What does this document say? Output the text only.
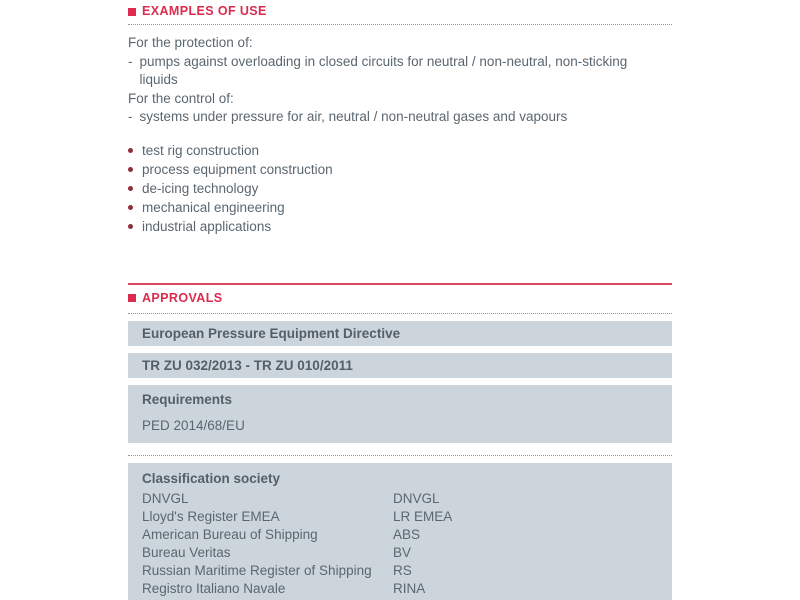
EXAMPLES OF USE
For the protection of:
- pumps against overloading in closed circuits for neutral / non-neutral, non-sticking liquids
For the control of:
- systems under pressure for air, neutral / non-neutral gases and vapours
test rig construction
process equipment construction
de-icing technology
mechanical engineering
industrial applications
APPROVALS
European Pressure Equipment Directive
TR ZU 032/2013 - TR ZU 010/2011
Requirements
PED 2014/68/EU
Classification society
DNVGL	DNVGL
Lloyd's Register EMEA	LR EMEA
American Bureau of Shipping	ABS
Bureau Veritas	BV
Russian Maritime Register of Shipping	RS
Registro Italiano Navale	RINA
